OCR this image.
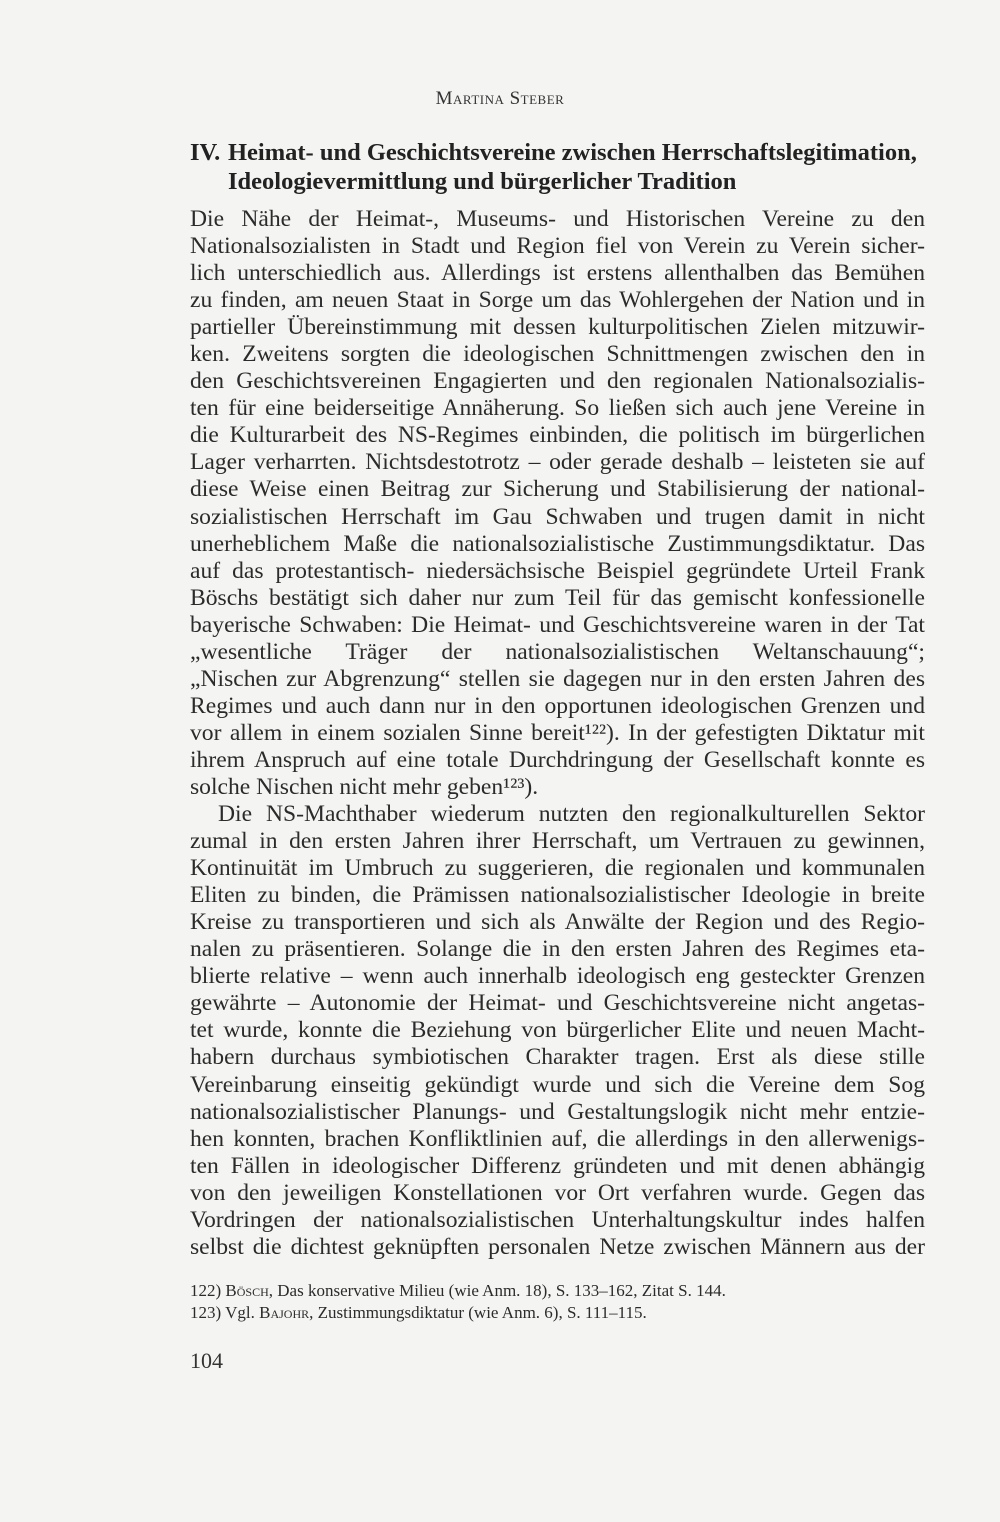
Martina Steber
IV. Heimat- und Geschichtsvereine zwischen Herrschaftslegitimation,
Ideologievermittlung und bürgerlicher Tradition
Die Nähe der Heimat-, Museums- und Historischen Vereine zu den
Nationalsozialisten in Stadt und Region fiel von Verein zu Verein sicher-
lich unterschiedlich aus. Allerdings ist erstens allenthalben das Bemühen
zu finden, am neuen Staat in Sorge um das Wohlergehen der Nation und in
partieller Übereinstimmung mit dessen kulturpolitischen Zielen mitzuwir-
ken. Zweitens sorgten die ideologischen Schnittmengen zwischen den in
den Geschichtsvereinen Engagierten und den regionalen Nationalsozialis-
ten für eine beiderseitige Annäherung. So ließen sich auch jene Vereine in
die Kulturarbeit des NS-Regimes einbinden, die politisch im bürgerlichen
Lager verharrten. Nichtsdestotrotz – oder gerade deshalb – leisteten sie auf
diese Weise einen Beitrag zur Sicherung und Stabilisierung der national-
sozialistischen Herrschaft im Gau Schwaben und trugen damit in nicht
unerheblichem Maße die nationalsozialistische Zustimmungsdiktatur. Das
auf das protestantisch- niedersächsische Beispiel gegründete Urteil Frank
Böschs bestätigt sich daher nur zum Teil für das gemischt konfessionelle
bayerische Schwaben: Die Heimat- und Geschichtsvereine waren in der Tat
„wesentliche Träger der nationalsozialistischen Weltanschauung“;
„Nischen zur Abgrenzung“ stellen sie dagegen nur in den ersten Jahren des
Regimes und auch dann nur in den opportunen ideologischen Grenzen und
vor allem in einem sozialen Sinne bereit¹²²). In der gefestigten Diktatur mit
ihrem Anspruch auf eine totale Durchdringung der Gesellschaft konnte es
solche Nischen nicht mehr geben¹²³).
Die NS-Machthaber wiederum nutzten den regionalkulturellen Sektor
zumal in den ersten Jahren ihrer Herrschaft, um Vertrauen zu gewinnen,
Kontinuität im Umbruch zu suggerieren, die regionalen und kommunalen
Eliten zu binden, die Prämissen nationalsozialistischer Ideologie in breite
Kreise zu transportieren und sich als Anwälte der Region und des Regio-
nalen zu präsentieren. Solange die in den ersten Jahren des Regimes eta-
blierte relative – wenn auch innerhalb ideologisch eng gesteckter Grenzen
gewährte – Autonomie der Heimat- und Geschichtsvereine nicht angetas-
tet wurde, konnte die Beziehung von bürgerlicher Elite und neuen Macht-
habern durchaus symbiotischen Charakter tragen. Erst als diese stille
Vereinbarung einseitig gekündigt wurde und sich die Vereine dem Sog
nationalsozialistischer Planungs- und Gestaltungslogik nicht mehr entzie-
hen konnten, brachen Konfliktlinien auf, die allerdings in den allerwenigs-
ten Fällen in ideologischer Differenz gründeten und mit denen abhängig
von den jeweiligen Konstellationen vor Ort verfahren wurde. Gegen das
Vordringen der nationalsozialistischen Unterhaltungskultur indes halfen
selbst die dichtest geknüpften personalen Netze zwischen Männern aus der
122) Bösch, Das konservative Milieu (wie Anm. 18), S. 133–162, Zitat S. 144.
123) Vgl. Bajohr, Zustimmungsdiktatur (wie Anm. 6), S. 111–115.
104
